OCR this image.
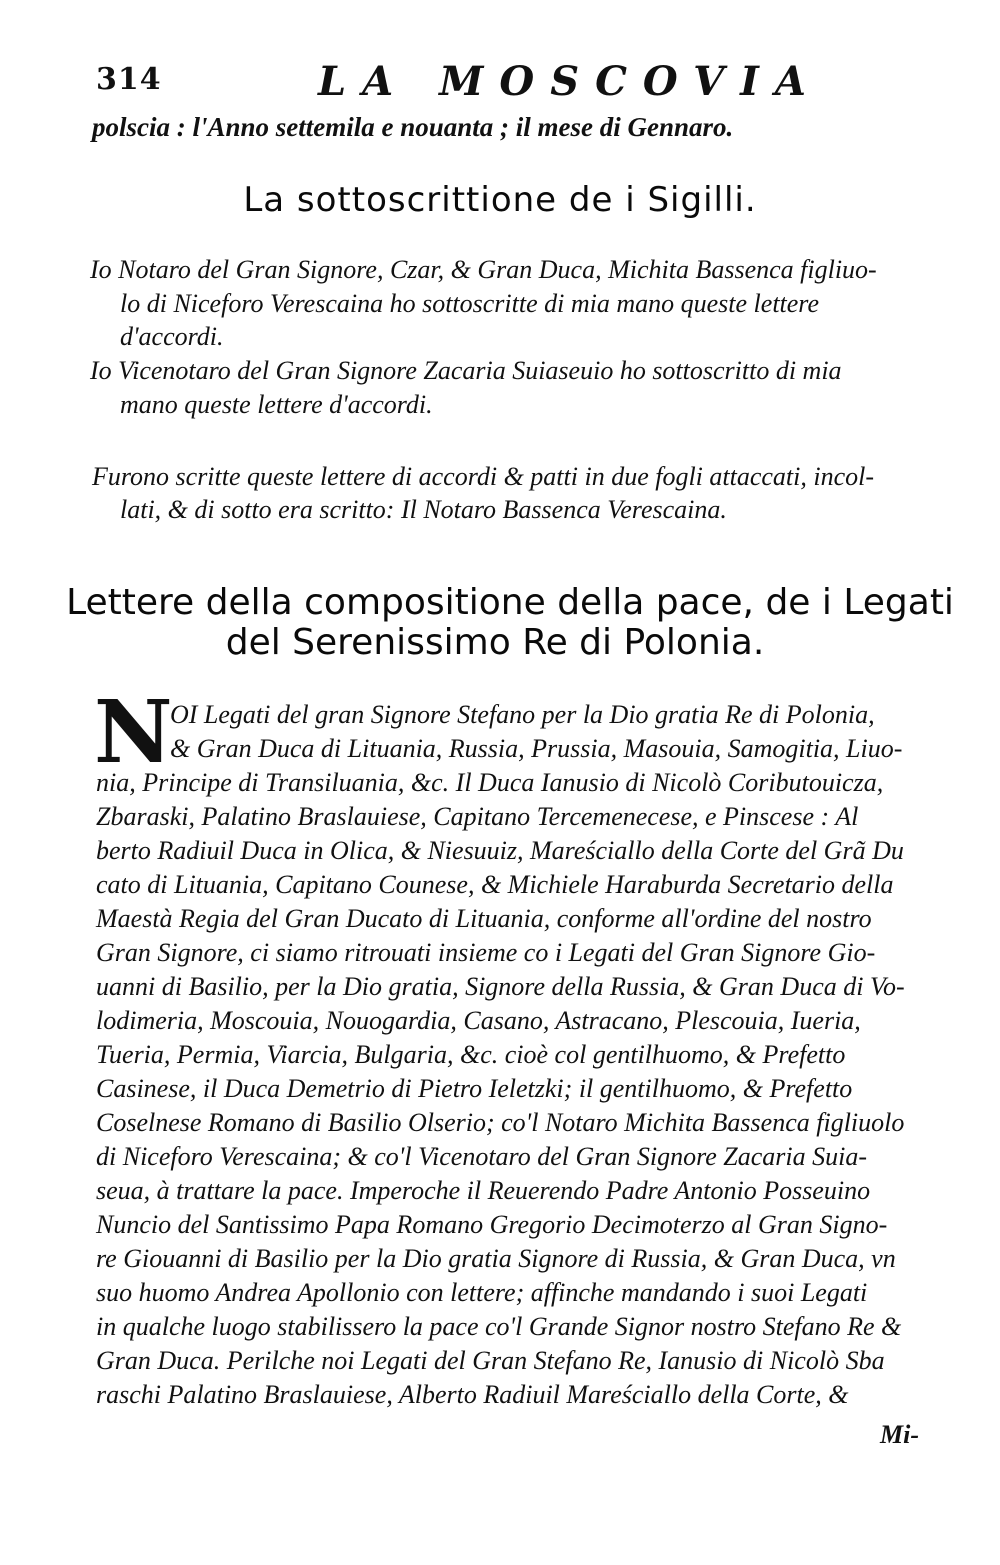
314	LA MOSCOVIA
polscia : l'Anno settemila e nouanta ; il mese di Gennaro.
La sottoscrittione de i Sigilli.
Io Notaro del Gran Signore, Czar, & Gran Duca, Michita Bassenca figliuo-
lo di Niceforo Verescaina ho sottoscritte di mia mano queste lettere
d'accordi.
Io Vicenotaro del Gran Signore Zacaria Suiaseuio ho sottoscritto di mia
mano queste lettere d'accordi.
Furono scritte queste lettere di accordi & patti in due fogli attaccati, incol-
lati, & di sotto era scritto: Il Notaro Bassenca Verescaina.
Lettere della compositione della pace, de i Legati
del Serenissimo Re di Polonia.
N
OI Legati del gran Signore Stefano per la Dio gratia Re di Polonia,
& Gran Duca di Lituania, Russia, Prussia, Masouia, Samogitia, Liuo-
nia, Principe di Transiluania, &c. Il Duca Ianusio di Nicolò Coributouicza,
Zbaraski, Palatino Braslauiese, Capitano Tercemenecese, e Pinscese : Al
berto Radiuil Duca in Olica, & Niesuuiz, Mareściallo della Corte del Grã Du
cato di Lituania, Capitano Counese, & Michiele Haraburda Secretario della
Maestà Regia del Gran Ducato di Lituania, conforme all'ordine del nostro
Gran Signore, ci siamo ritrouati insieme co i Legati del Gran Signore Gio-
uanni di Basilio, per la Dio gratia, Signore della Russia, & Gran Duca di Vo-
lodimeria, Moscouia, Nouogardia, Casano, Astracano, Plescouia, Iueria,
Tueria, Permia, Viarcia, Bulgaria, &c. cioè col gentilhuomo, & Prefetto
Casinese, il Duca Demetrio di Pietro Ieletzki; il gentilhuomo, & Prefetto
Coselnese Romano di Basilio Olserio; co'l Notaro Michita Bassenca figliuolo
di Niceforo Verescaina; & co'l Vicenotaro del Gran Signore Zacaria Suia-
seua, à trattare la pace. Imperoche il Reuerendo Padre Antonio Posseuino
Nuncio del Santissimo Papa Romano Gregorio Decimoterzo al Gran Signo-
re Giouanni di Basilio per la Dio gratia Signore di Russia, & Gran Duca, vn
suo huomo Andrea Apollonio con lettere; affinche mandando i suoi Legati
in qualche luogo stabilissero la pace co'l Grande Signor nostro Stefano Re &
Gran Duca. Perilche noi Legati del Gran Stefano Re, Ianusio di Nicolò Sba
raschi Palatino Braslauiese, Alberto Radiuil Mareściallo della Corte, &
Mi-
